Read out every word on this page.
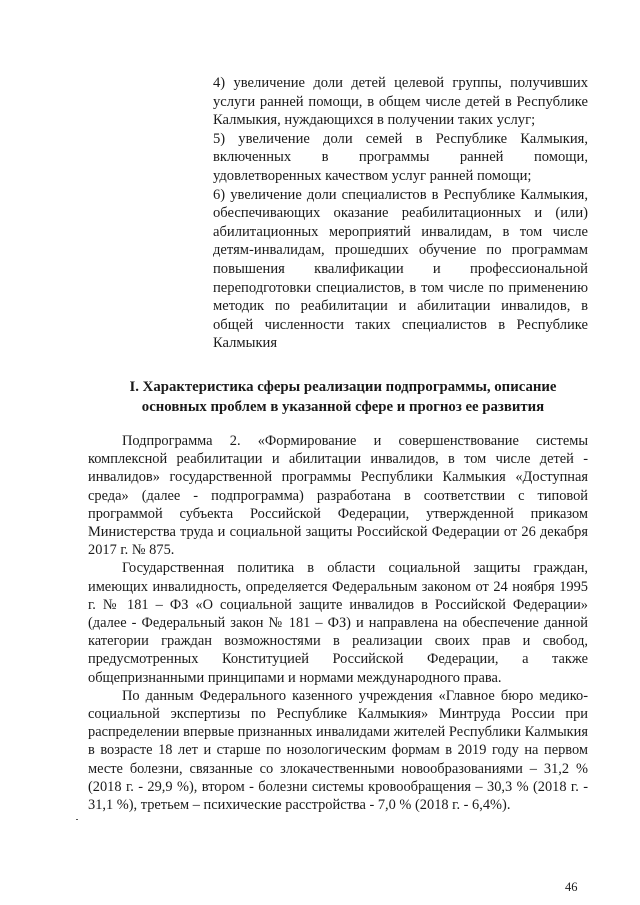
4) увеличение доли детей целевой группы, получивших услуги ранней помощи, в общем числе детей в Республике Калмыкия, нуждающихся в получении таких услуг;

5) увеличение доли семей в Республике Калмыкия, включенных в программы ранней помощи, удовлетворенных качеством услуг ранней помощи;

6) увеличение доли специалистов в Республике Калмыкия, обеспечивающих оказание реабилитационных и (или) абилитационных мероприятий инвалидам, в том числе детям-инвалидам, прошедших обучение по программам повышения квалификации и профессиональной переподготовки специалистов, в том числе по применению методик по реабилитации и абилитации инвалидов, в общей численности таких специалистов в Республике Калмыкия

I. Характеристика сферы реализации подпрограммы, описание
основных проблем в указанной сфере и прогноз ее развития

Подпрограмма 2. «Формирование и совершенствование системы комплексной реабилитации и абилитации инвалидов, в том числе детей - инвалидов» государственной программы Республики Калмыкия «Доступная среда» (далее - подпрограмма) разработана в соответствии с типовой программой субъекта Российской Федерации, утвержденной приказом Министерства труда и социальной защиты Российской Федерации от 26 декабря 2017 г. № 875.

Государственная политика в области социальной защиты граждан, имеющих инвалидность, определяется Федеральным законом от 24 ноября 1995 г. № 181 – ФЗ «О социальной защите инвалидов в Российской Федерации» (далее - Федеральный закон № 181 – ФЗ) и направлена на обеспечение данной категории граждан возможностями в реализации своих прав и свобод, предусмотренных Конституцией Российской Федерации, а также общепризнанными принципами и нормами международного права.

По данным Федерального казенного учреждения «Главное бюро медико-социальной экспертизы по Республике Калмыкия» Минтруда России при распределении впервые признанных инвалидами жителей Республики Калмыкия в возрасте 18 лет и старше по нозологическим формам в 2019 году на первом месте болезни, связанные со злокачественными новообразованиями – 31,2 % (2018 г. - 29,9 %), втором - болезни системы кровообращения – 30,3 % (2018 г. - 31,1 %), третьем – психические расстройства - 7,0 % (2018 г. - 6,4%).

46
